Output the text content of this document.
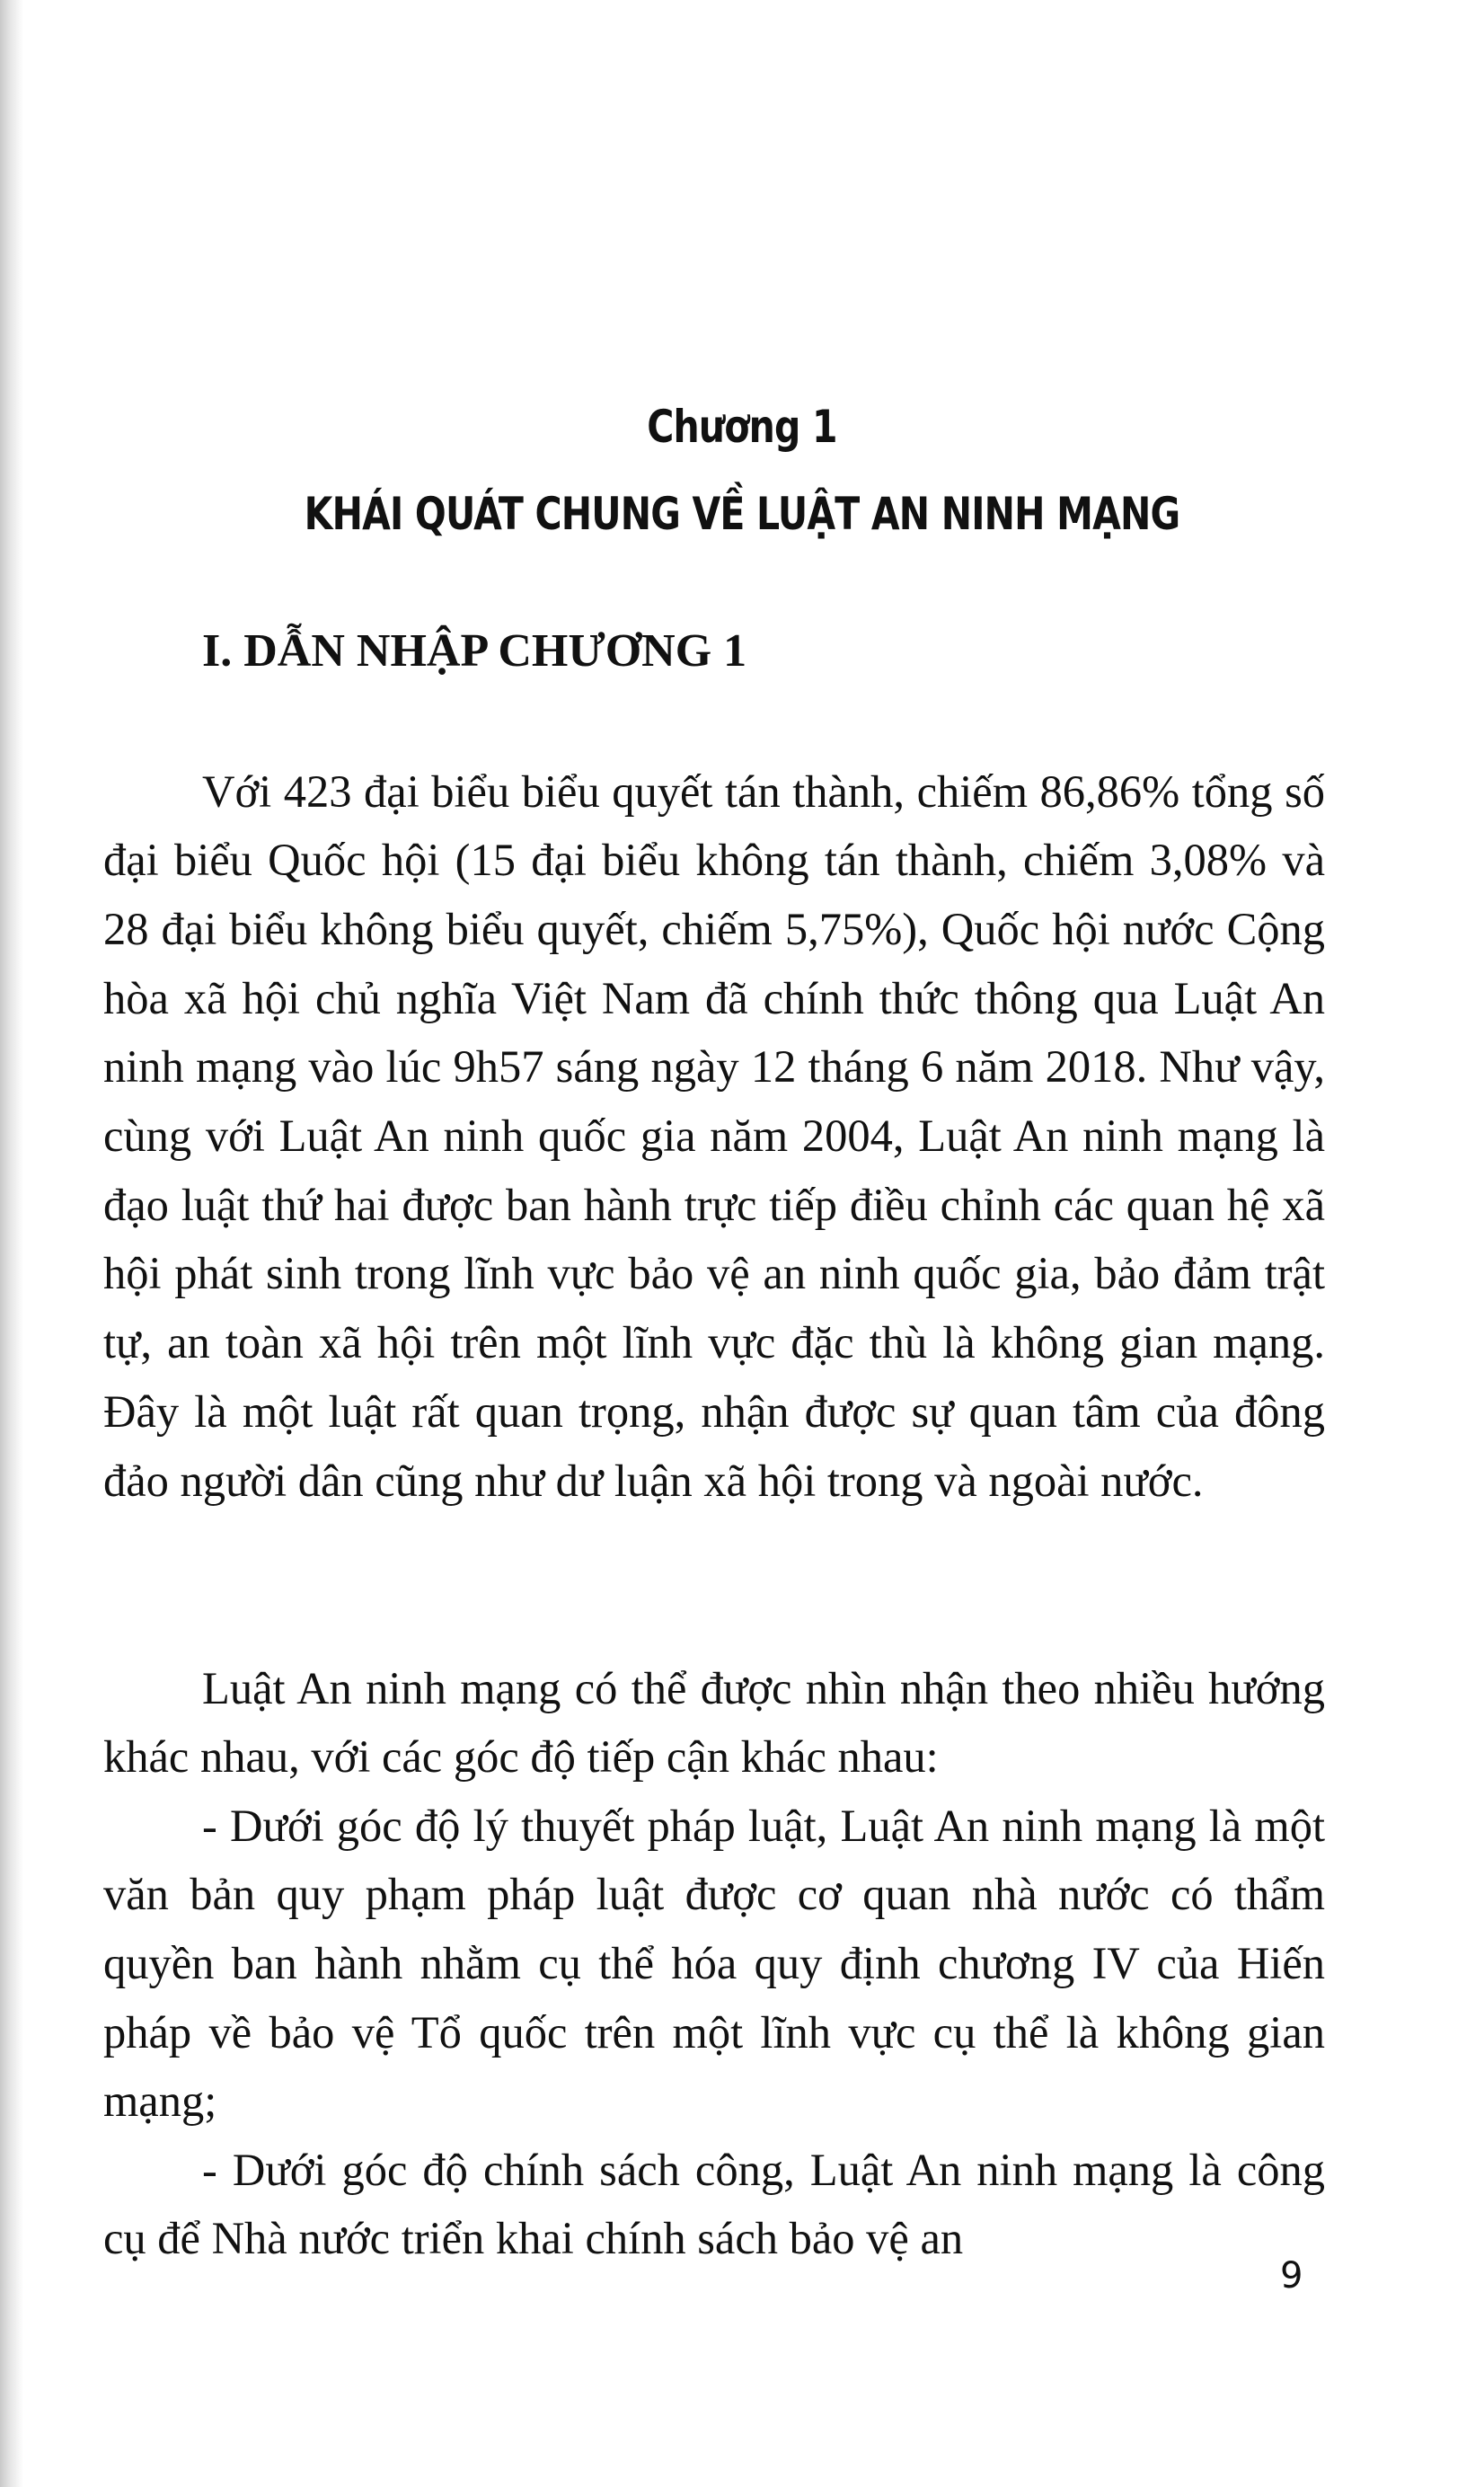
Chương 1
KHÁI QUÁT CHUNG VỀ LUẬT AN NINH MẠNG
I. DẪN NHẬP CHƯƠNG 1

Với 423 đại biểu biểu quyết tán thành, chiếm 86,86% tổng số đại biểu Quốc hội (15 đại biểu không tán thành, chiếm 3,08% và 28 đại biểu không biểu quyết, chiếm 5,75%), Quốc hội nước Cộng hòa xã hội chủ nghĩa Việt Nam đã chính thức thông qua Luật An ninh mạng vào lúc 9h57 sáng ngày 12 tháng 6 năm 2018. Như vậy, cùng với Luật An ninh quốc gia năm 2004, Luật An ninh mạng là đạo luật thứ hai được ban hành trực tiếp điều chỉnh các quan hệ xã hội phát sinh trong lĩnh vực bảo vệ an ninh quốc gia, bảo đảm trật tự, an toàn xã hội trên một lĩnh vực đặc thù là không gian mạng. Đây là một luật rất quan trọng, nhận được sự quan tâm của đông đảo người dân cũng như dư luận xã hội trong và ngoài nước.

Luật An ninh mạng có thể được nhìn nhận theo nhiều hướng khác nhau, với các góc độ tiếp cận khác nhau:

- Dưới góc độ lý thuyết pháp luật, Luật An ninh mạng là một văn bản quy phạm pháp luật được cơ quan nhà nước có thẩm quyền ban hành nhằm cụ thể hóa quy định chương IV của Hiến pháp về bảo vệ Tổ quốc trên một lĩnh vực cụ thể là không gian mạng;

- Dưới góc độ chính sách công, Luật An ninh mạng là công cụ để Nhà nước triển khai chính sách bảo vệ an

9
